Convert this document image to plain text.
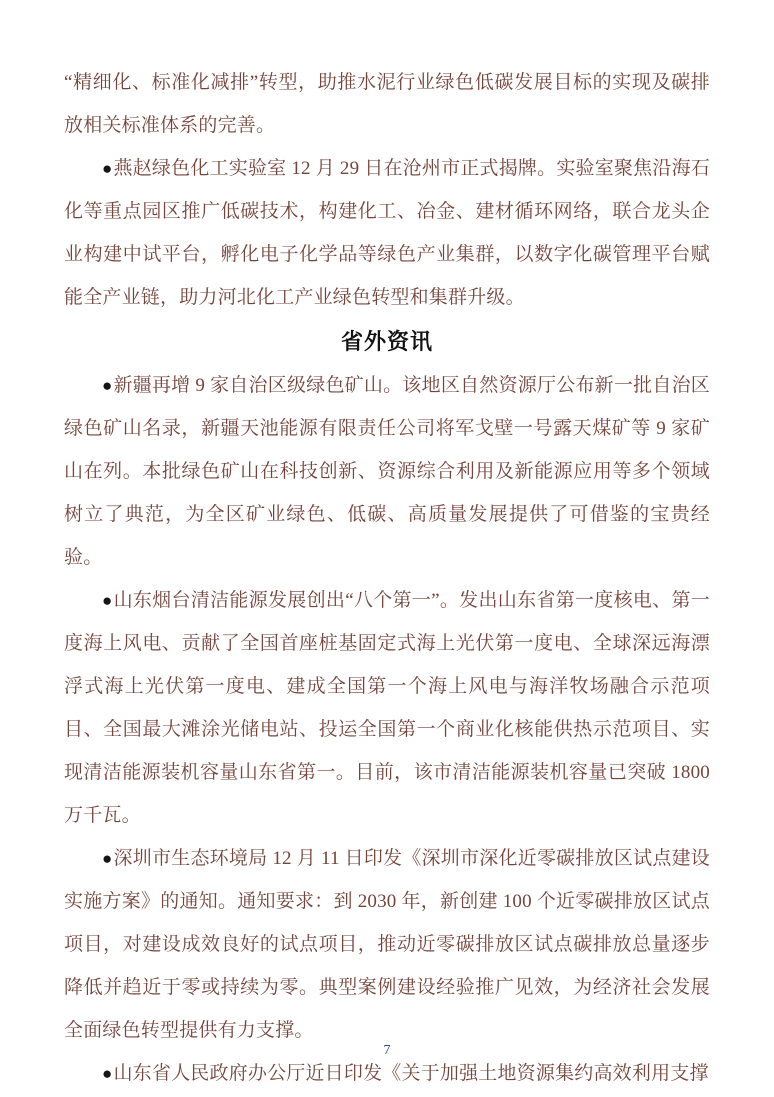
“精细化、标准化减排”转型，助推水泥行业绿色低碳发展目标的实现及碳排放相关标准体系的完善。

●燕赵绿色化工实验室 12 月 29 日在沧州市正式揭牌。实验室聚焦沿海石化等重点园区推广低碳技术，构建化工、冶金、建材循环网络，联合龙头企业构建中试平台，孵化电子化学品等绿色产业集群，以数字化碳管理平台赋能全产业链，助力河北化工产业绿色转型和集群升级。

省外资讯

●新疆再增 9 家自治区级绿色矿山。该地区自然资源厅公布新一批自治区绿色矿山名录，新疆天池能源有限责任公司将军戈壁一号露天煤矿等 9 家矿山在列。本批绿色矿山在科技创新、资源综合利用及新能源应用等多个领域树立了典范，为全区矿业绿色、低碳、高质量发展提供了可借鉴的宝贵经验。

●山东烟台清洁能源发展创出“八个第一”。发出山东省第一度核电、第一度海上风电、贡献了全国首座桩基固定式海上光伏第一度电、全球深远海漂浮式海上光伏第一度电、建成全国第一个海上风电与海洋牧场融合示范项目、全国最大滩涂光储电站、投运全国第一个商业化核能供热示范项目、实现清洁能源装机容量山东省第一。目前，该市清洁能源装机容量已突破 1800 万千瓦。

●深圳市生态环境局 12 月 11 日印发《深圳市深化近零碳排放区试点建设实施方案》的通知。通知要求：到 2030 年，新创建 100 个近零碳排放区试点项目，对建设成效良好的试点项目，推动近零碳排放区试点碳排放总量逐步降低并趋近于零或持续为零。典型案例建设经验推广见效，为经济社会发展全面绿色转型提供有力支撑。

●山东省人民政府办公厅近日印发《关于加强土地资源集约高效利用支撑

7
